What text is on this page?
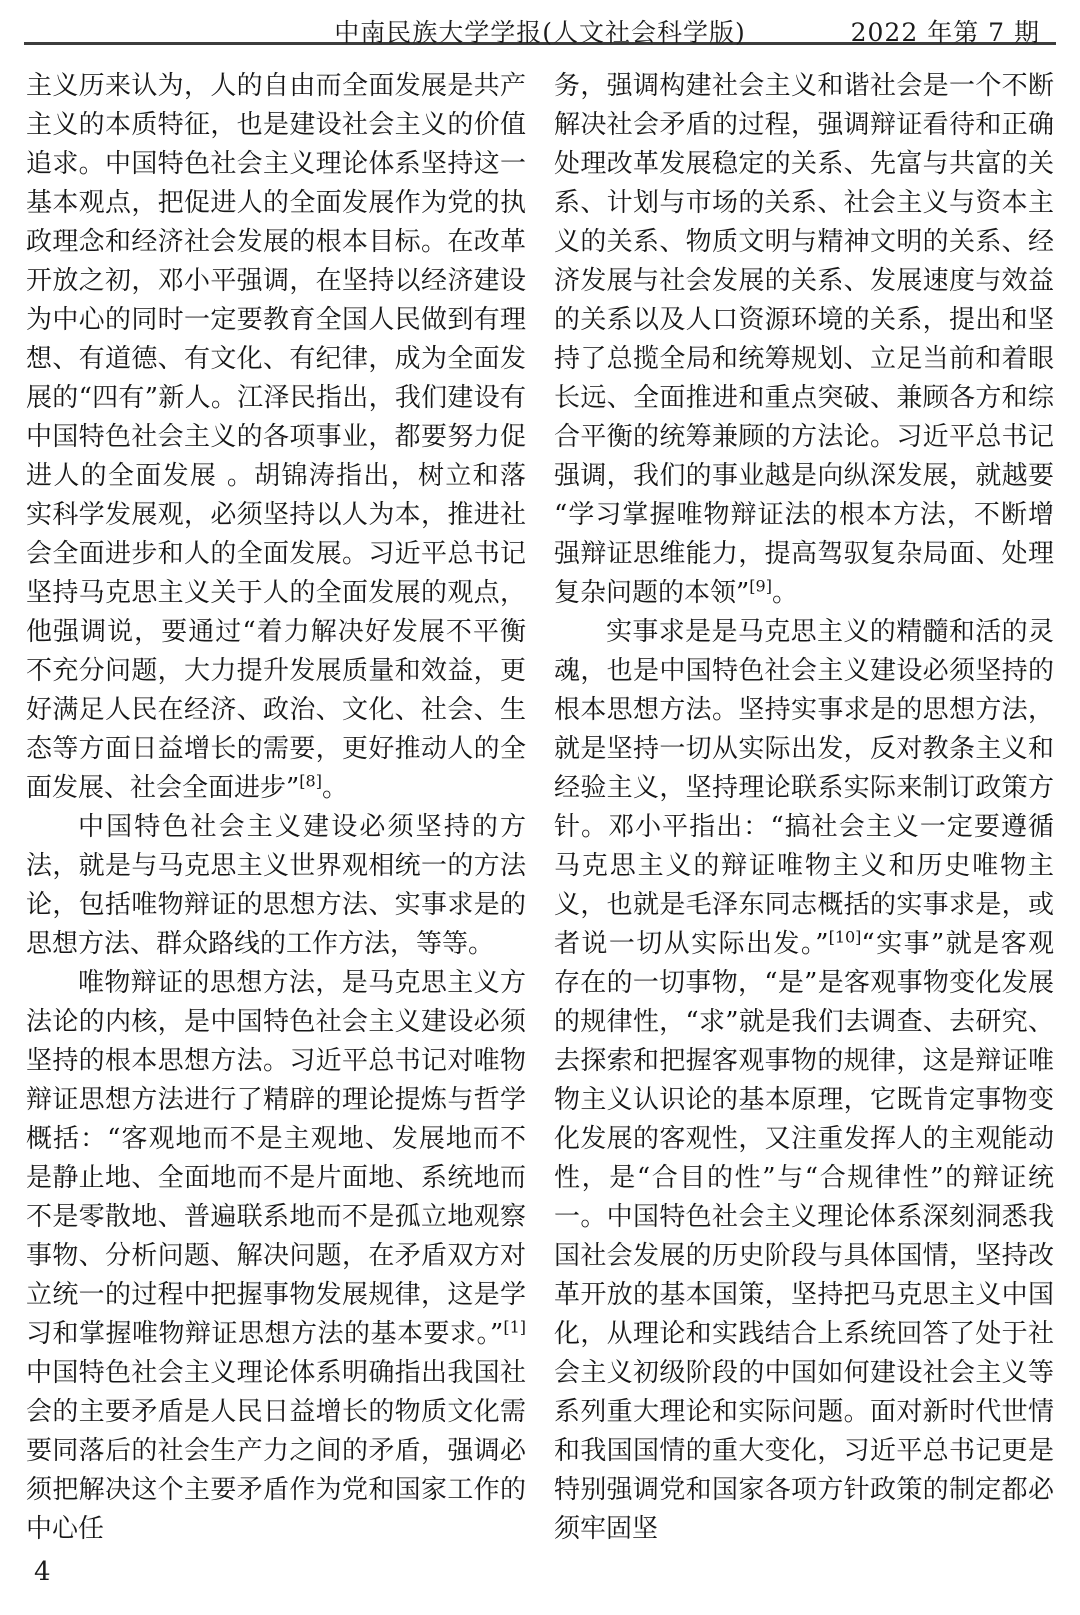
中南民族大学学报(人文社会科学版)	2022 年第 7 期

主义历来认为，人的自由而全面发展是共产主义的本质特征，也是建设社会主义的价值追求。中国特色社会主义理论体系坚持这一基本观点，把促进人的全面发展作为党的执政理念和经济社会发展的根本目标。在改革开放之初，邓小平强调，在坚持以经济建设为中心的同时一定要教育全国人民做到有理想、有道德、有文化、有纪律，成为全面发展的“四有”新人。江泽民指出，我们建设有中国特色社会主义的各项事业，都要努力促进人的全面发展 。胡锦涛指出，树立和落实科学发展观，必须坚持以人为本，推进社会全面进步和人的全面发展。习近平总书记坚持马克思主义关于人的全面发展的观点，他强调说，要通过“着力解决好发展不平衡不充分问题，大力提升发展质量和效益，更好满足人民在经济、政治、文化、社会、生态等方面日益增长的需要，更好推动人的全面发展、社会全面进步”[8]。

中国特色社会主义建设必须坚持的方法，就是与马克思主义世界观相统一的方法论，包括唯物辩证的思想方法、实事求是的思想方法、群众路线的工作方法，等等。

唯物辩证的思想方法，是马克思主义方法论的内核，是中国特色社会主义建设必须坚持的根本思想方法。习近平总书记对唯物辩证思想方法进行了精辟的理论提炼与哲学概括：“客观地而不是主观地、发展地而不是静止地、全面地而不是片面地、系统地而不是零散地、普遍联系地而不是孤立地观察事物、分析问题、解决问题，在矛盾双方对立统一的过程中把握事物发展规律，这是学习和掌握唯物辩证思想方法的基本要求。”[1] 中国特色社会主义理论体系明确指出我国社会的主要矛盾是人民日益增长的物质文化需要同落后的社会生产力之间的矛盾，强调必须把解决这个主要矛盾作为党和国家工作的中心任

务，强调构建社会主义和谐社会是一个不断解决社会矛盾的过程，强调辩证看待和正确处理改革发展稳定的关系、先富与共富的关系、计划与市场的关系、社会主义与资本主义的关系、物质文明与精神文明的关系、经济发展与社会发展的关系、发展速度与效益的关系以及人口资源环境的关系，提出和坚持了总揽全局和统筹规划、立足当前和着眼长远、全面推进和重点突破、兼顾各方和综合平衡的统筹兼顾的方法论。习近平总书记强调，我们的事业越是向纵深发展，就越要“学习掌握唯物辩证法的根本方法，不断增强辩证思维能力，提高驾驭复杂局面、处理复杂问题的本领”[9]。

实事求是是马克思主义的精髓和活的灵魂，也是中国特色社会主义建设必须坚持的根本思想方法。坚持实事求是的思想方法，就是坚持一切从实际出发，反对教条主义和经验主义，坚持理论联系实际来制订政策方针。邓小平指出：“搞社会主义一定要遵循马克思主义的辩证唯物主义和历史唯物主义，也就是毛泽东同志概括的实事求是，或者说一切从实际出发。”[10]“实事”就是客观存在的一切事物，“是”是客观事物变化发展的规律性，“求”就是我们去调查、去研究、去探索和把握客观事物的规律，这是辩证唯物主义认识论的基本原理，它既肯定事物变化发展的客观性，又注重发挥人的主观能动性，是“合目的性”与“合规律性”的辩证统一。中国特色社会主义理论体系深刻洞悉我国社会发展的历史阶段与具体国情，坚持改革开放的基本国策，坚持把马克思主义中国化，从理论和实践结合上系统回答了处于社会主义初级阶段的中国如何建设社会主义等系列重大理论和实际问题。面对新时代世情和我国国情的重大变化，习近平总书记更是特别强调党和国家各项方针政策的制定都必须牢固坚

4
